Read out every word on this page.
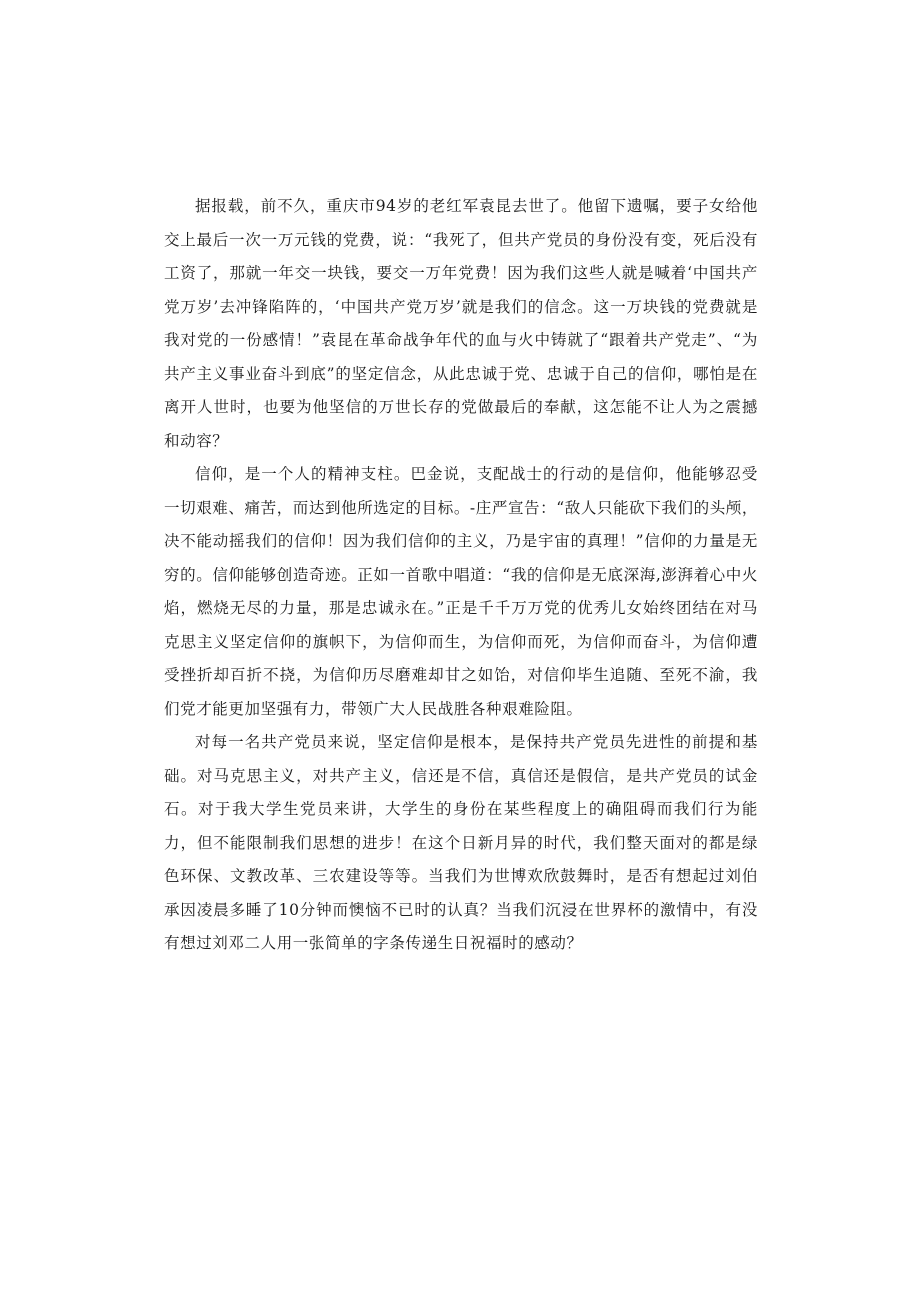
据报载，前不久，重庆市94岁的老红军袁昆去世了。他留下遗嘱，要子女给他交上最后一次一万元钱的党费，说：“我死了，但共产党员的身份没有变，死后没有工资了，那就一年交一块钱，要交一万年党费！因为我们这些人就是喊着‘中国共产党万岁’去冲锋陷阵的，‘中国共产党万岁’就是我们的信念。这一万块钱的党费就是我对党的一份感情！”袁昆在革命战争年代的血与火中铸就了“跟着共产党走”、“为共产主义事业奋斗到底”的坚定信念，从此忠诚于党、忠诚于自己的信仰，哪怕是在离开人世时，也要为他坚信的万世长存的党做最后的奉献，这怎能不让人为之震撼和动容？

信仰，是一个人的精神支柱。巴金说，支配战士的行动的是信仰，他能够忍受一切艰难、痛苦，而达到他所选定的目标。-庄严宣告：“敌人只能砍下我们的头颅，决不能动摇我们的信仰！因为我们信仰的主义，乃是宇宙的真理！”信仰的力量是无穷的。信仰能够创造奇迹。正如一首歌中唱道：“我的信仰是无底深海,澎湃着心中火焰，燃烧无尽的力量，那是忠诚永在。”正是千千万万党的优秀儿女始终团结在对马克思主义坚定信仰的旗帜下，为信仰而生，为信仰而死，为信仰而奋斗，为信仰遭受挫折却百折不挠，为信仰历尽磨难却甘之如饴，对信仰毕生追随、至死不渝，我们党才能更加坚强有力，带领广大人民战胜各种艰难险阻。

对每一名共产党员来说，坚定信仰是根本，是保持共产党员先进性的前提和基础。对马克思主义，对共产主义，信还是不信，真信还是假信，是共产党员的试金石。对于我大学生党员来讲，大学生的身份在某些程度上的确阻碍而我们行为能力，但不能限制我们思想的进步！在这个日新月异的时代，我们整天面对的都是绿色环保、文教改革、三农建设等等。当我们为世博欢欣鼓舞时，是否有想起过刘伯承因凌晨多睡了10分钟而懊恼不已时的认真？当我们沉浸在世界杯的激情中，有没有想过刘邓二人用一张简单的字条传递生日祝福时的感动？
